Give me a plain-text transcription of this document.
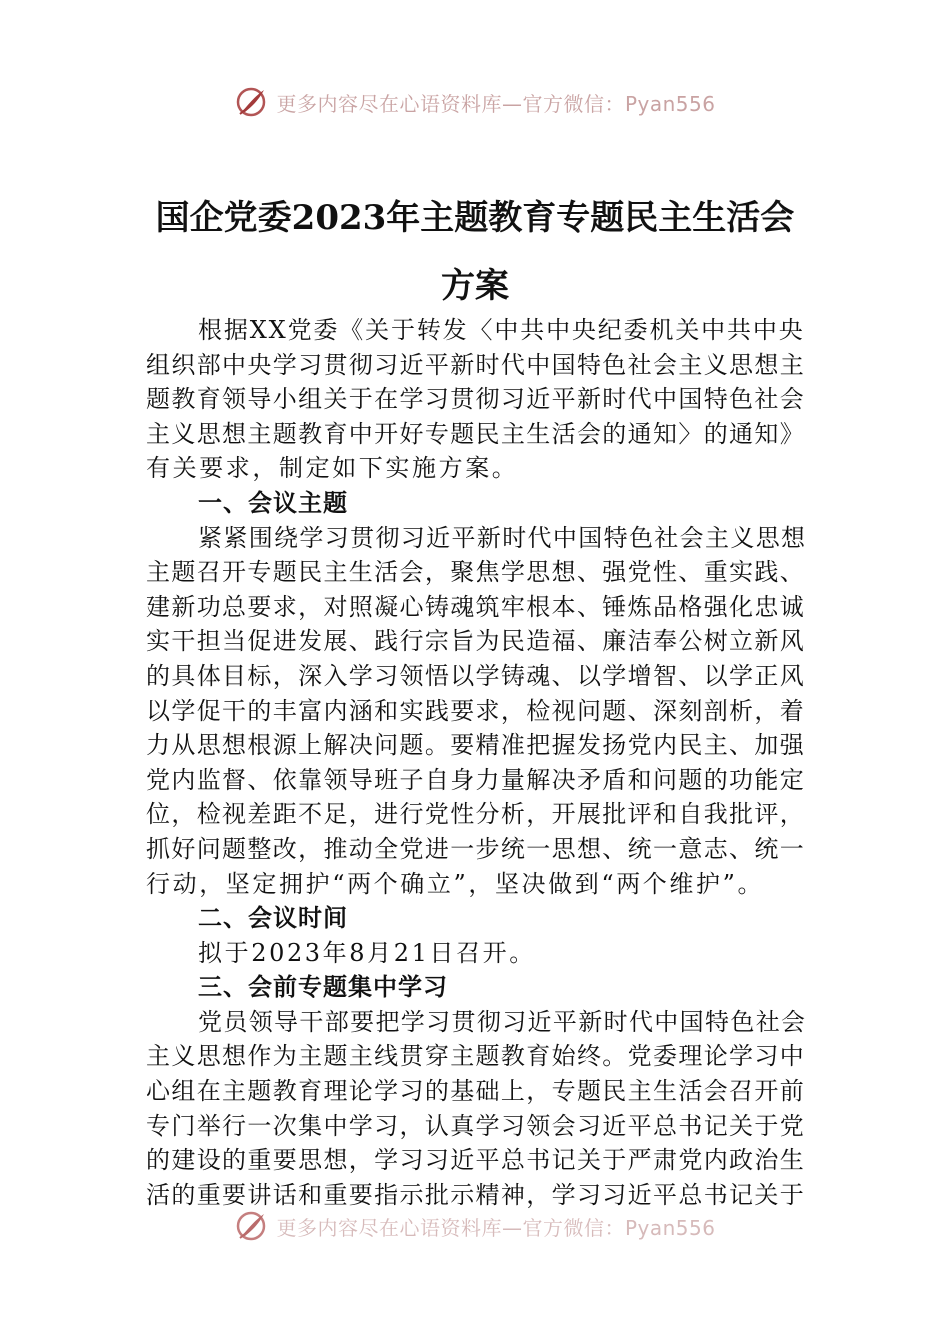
更多内容尽在心语资料库—官方微信：Pyan556
国企党委2023年主题教育专题民主生活会
方案
根据XX党委《关于转发〈中共中央纪委机关中共中央
组织部中央学习贯彻习近平新时代中国特色社会主义思想主
题教育领导小组关于在学习贯彻习近平新时代中国特色社会
主义思想主题教育中开好专题民主生活会的通知〉的通知》
有关要求，制定如下实施方案。
一、会议主题
紧紧围绕学习贯彻习近平新时代中国特色社会主义思想
主题召开专题民主生活会，聚焦学思想、强党性、重实践、
建新功总要求，对照凝心铸魂筑牢根本、锤炼品格强化忠诚
实干担当促进发展、践行宗旨为民造福、廉洁奉公树立新风
的具体目标，深入学习领悟以学铸魂、以学增智、以学正风
以学促干的丰富内涵和实践要求，检视问题、深刻剖析，着
力从思想根源上解决问题。要精准把握发扬党内民主、加强
党内监督、依靠领导班子自身力量解决矛盾和问题的功能定
位，检视差距不足，进行党性分析，开展批评和自我批评，
抓好问题整改，推动全党进一步统一思想、统一意志、统一
行动，坚定拥护“两个确立”，坚决做到“两个维护”。
二、会议时间
拟于2023年8月21日召开。
三、会前专题集中学习
党员领导干部要把学习贯彻习近平新时代中国特色社会
主义思想作为主题主线贯穿主题教育始终。党委理论学习中
心组在主题教育理论学习的基础上，专题民主生活会召开前
专门举行一次集中学习，认真学习领会习近平总书记关于党
的建设的重要思想，学习习近平总书记关于严肃党内政治生
活的重要讲话和重要指示批示精神，学习习近平总书记关于
更多内容尽在心语资料库—官方微信：Pyan556
